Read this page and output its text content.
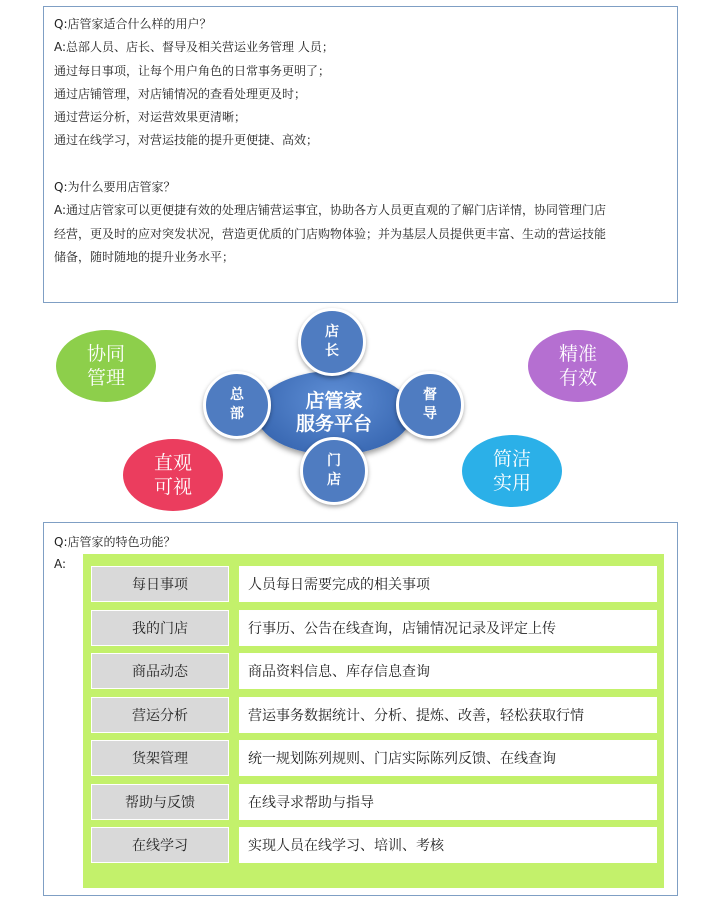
Q:店管家适合什么样的用户？
A:总部人员、店长、督导及相关营运业务管理 人员；
通过每日事项，让每个用户角色的日常事务更明了；
通过店铺管理，对店铺情况的查看处理更及时；
通过营运分析，对运营效果更清晰；
通过在线学习，对营运技能的提升更便捷、高效；
Q:为什么要用店管家？
A:通过店管家可以更便捷有效的处理店铺营运事宜，协助各方人员更直观的了解门店详情，协同管理门店
经营，更及时的应对突发状况，营造更优质的门店购物体验；并为基层人员提供更丰富、生动的营运技能
储备，随时随地的提升业务水平；
协同
管理
精准
有效
直观
可视
简洁
实用
店管家
服务平台
店
长
总
部
督
导
门
店
Q:店管家的特色功能？
A:
每日事项	人员每日需要完成的相关事项
我的门店	行事历、公告在线查询，店铺情况记录及评定上传
商品动态	商品资料信息、库存信息查询
营运分析	营运事务数据统计、分析、提炼、改善，轻松获取行情
货架管理	统一规划陈列规则、门店实际陈列反馈、在线查询
帮助与反馈	在线寻求帮助与指导
在线学习	实现人员在线学习、培训、考核
